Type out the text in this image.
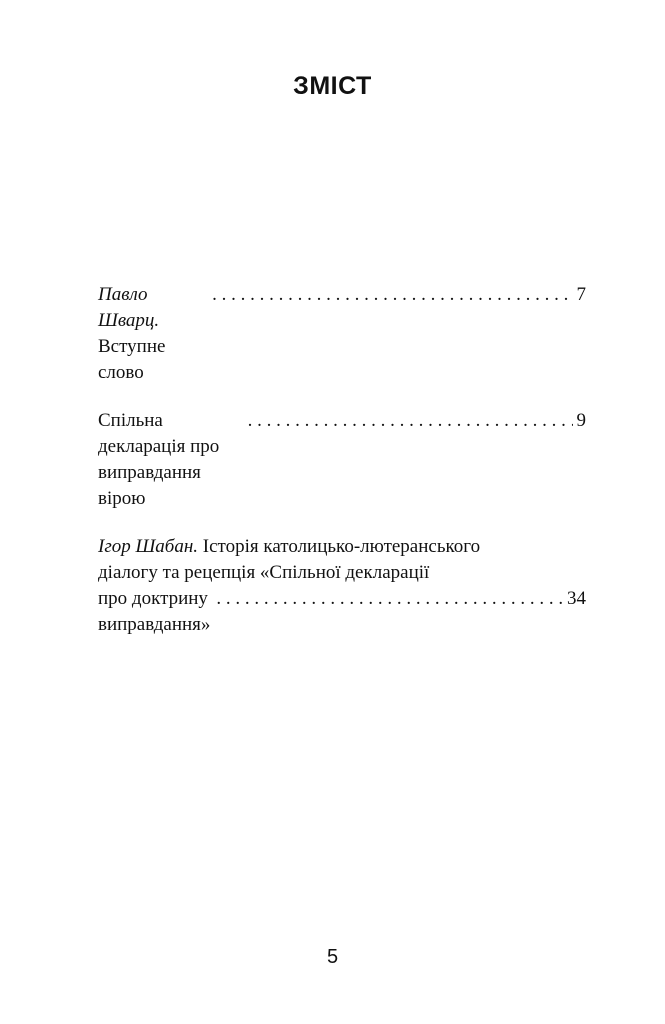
ЗМІСТ
Павло Шварц. Вступне слово
. . .
7
Спільна декларація про виправдання вірою
. . .
9
Ігор Шабан. Історія католицько-лютеранського
діалогу та рецепція «Спільної декларації
про доктрину виправдання»
. . .
34
5
